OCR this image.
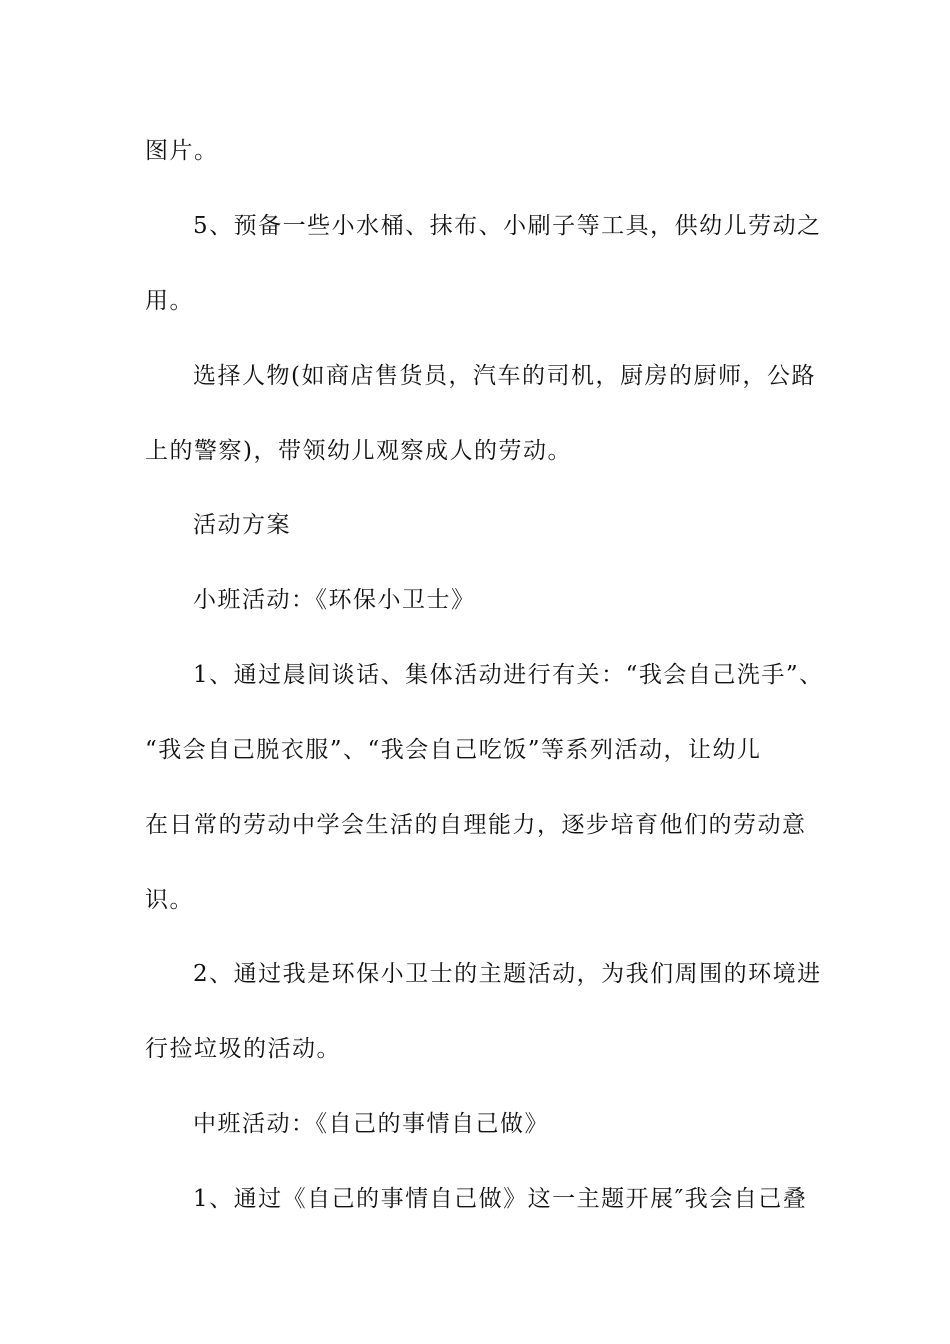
图片。
5、预备一些小水桶、抹布、小刷子等工具，供幼儿劳动之
用。
选择人物(如商店售货员，汽车的司机，厨房的厨师，公路
上的警察)，带领幼儿观察成人的劳动。
活动方案
小班活动：《环保小卫士》
1、通过晨间谈话、集体活动进行有关：“我会自己洗手”、
“我会自己脱衣服”、“我会自己吃饭”等系列活动，让幼儿
在日常的劳动中学会生活的自理能力，逐步培育他们的劳动意
识。
2、通过我是环保小卫士的主题活动，为我们周围的环境进
行捡垃圾的活动。
中班活动：《自己的事情自己做》
1、通过《自己的事情自己做》这一主题开展″我会自己叠
